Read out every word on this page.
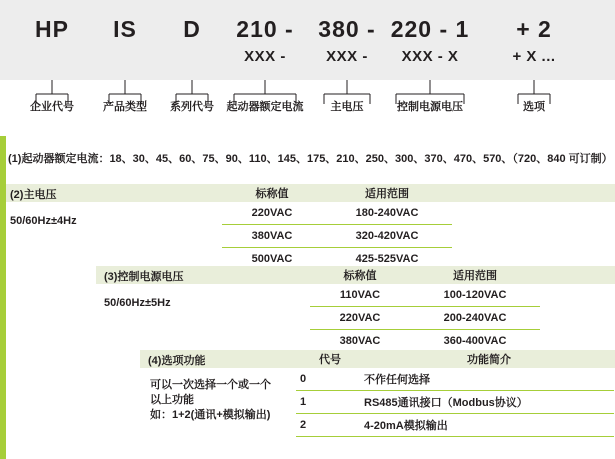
HP	IS	D	210 -	380 - 220 - 1	+ 2
XXX -	XXX -	XXX - X	+ X ...
企业代号	产品类型	系列代号	起动器额定电流	主电压	控制电源电压	选项
(1)起动器额定电流：18、30、45、60、75、90、110、145、175、210、250、300、370、470、570、（720、840 可订制）
(2)主电压
50/60Hz±4Hz
标称值	适用范围
220VAC	180-240VAC
380VAC	320-420VAC
500VAC	425-525VAC
(3)控制电源电压
50/60Hz±5Hz
标称值	适用范围
110VAC	100-120VAC
220VAC	200-240VAC
380VAC	360-400VAC
(4)选项功能
可以一次选择一个或一个
以上功能
如：1+2(通讯+模拟输出)
代号	功能简介
0	不作任何选择
1	RS485通讯接口（Modbus协议）
2	4-20mA模拟输出
